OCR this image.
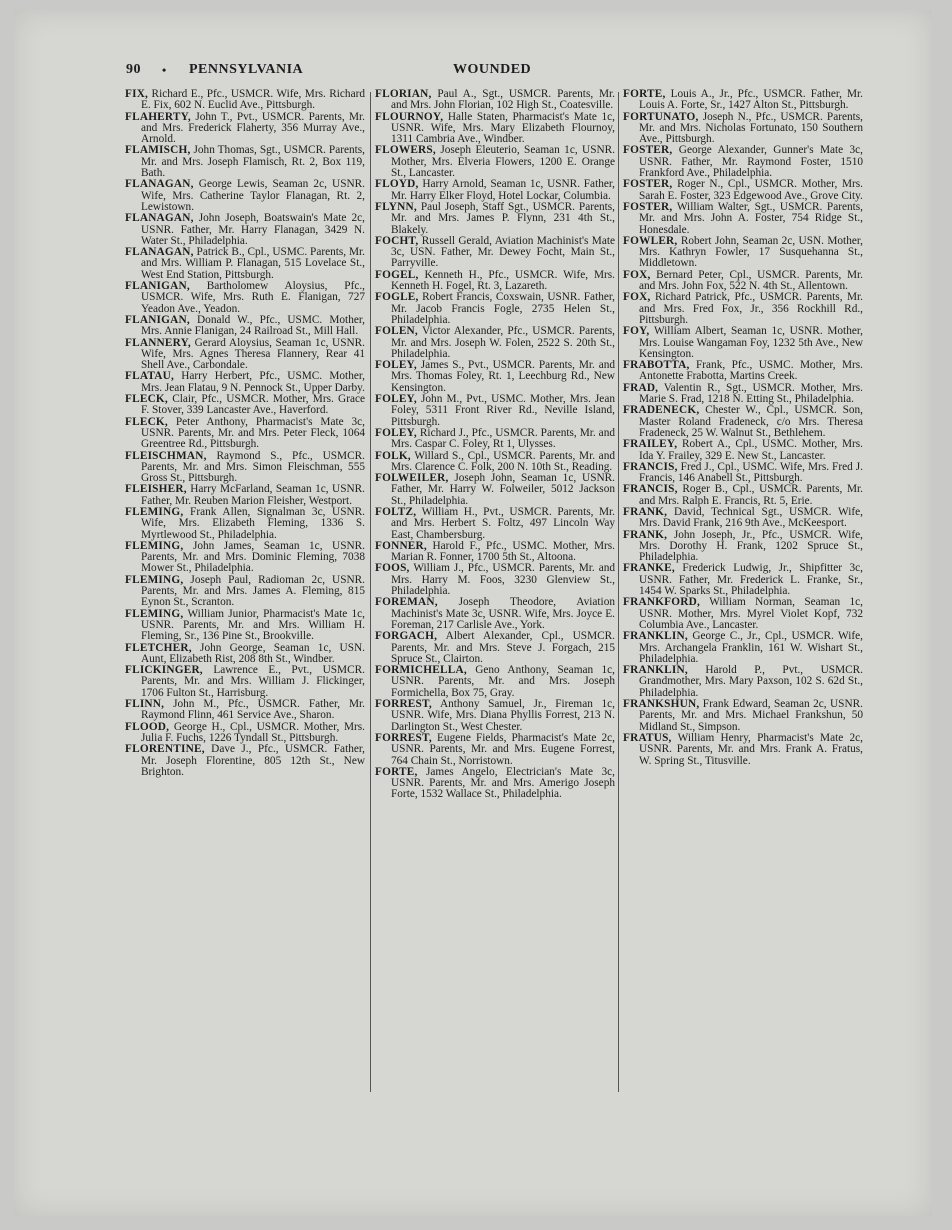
90 • PENNSYLVANIA	WOUNDED

FIX, Richard E., Pfc., USMCR. Wife, Mrs. Richard E. Fix, 602 N. Euclid Ave., Pittsburgh.

FLAHERTY, John T., Pvt., USMCR. Parents, Mr. and Mrs. Frederick Flaherty, 356 Murray Ave., Arnold.

FLAMISCH, John Thomas, Sgt., USMCR. Parents, Mr. and Mrs. Joseph Flamisch, Rt. 2, Box 119, Bath.

FLANAGAN, George Lewis, Seaman 2c, USNR. Wife, Mrs. Catherine Taylor Flanagan, Rt. 2, Lewistown.

FLANAGAN, John Joseph, Boatswain's Mate 2c, USNR. Father, Mr. Harry Flanagan, 3429 N. Water St., Philadelphia.

FLANAGAN, Patrick B., Cpl., USMC. Parents, Mr. and Mrs. William P. Flanagan, 515 Lovelace St., West End Station, Pittsburgh.

FLANIGAN, Bartholomew Aloysius, Pfc., USMCR. Wife, Mrs. Ruth E. Flanigan, 727 Yeadon Ave., Yeadon.

FLANIGAN, Donald W., Pfc., USMC. Mother, Mrs. Annie Flanigan, 24 Railroad St., Mill Hall.

FLANNERY, Gerard Aloysius, Seaman 1c, USNR. Wife, Mrs. Agnes Theresa Flannery, Rear 41 Shell Ave., Carbondale.

FLATAU, Harry Herbert, Pfc., USMC. Mother, Mrs. Jean Flatau, 9 N. Pennock St., Upper Darby.

FLECK, Clair, Pfc., USMCR. Mother, Mrs. Grace F. Stover, 339 Lancaster Ave., Haverford.

FLECK, Peter Anthony, Pharmacist's Mate 3c, USNR. Parents, Mr. and Mrs. Peter Fleck, 1064 Greentree Rd., Pittsburgh.

FLEISCHMAN, Raymond S., Pfc., USMCR. Parents, Mr. and Mrs. Simon Fleischman, 555 Gross St., Pittsburgh.

FLEISHER, Harry McFarland, Seaman 1c, USNR. Father, Mr. Reuben Marion Fleisher, Westport.

FLEMING, Frank Allen, Signalman 3c, USNR. Wife, Mrs. Elizabeth Fleming, 1336 S. Myrtlewood St., Philadelphia.

FLEMING, John James, Seaman 1c, USNR. Parents, Mr. and Mrs. Dominic Fleming, 7038 Mower St., Philadelphia.

FLEMING, Joseph Paul, Radioman 2c, USNR. Parents, Mr. and Mrs. James A. Fleming, 815 Eynon St., Scranton.

FLEMING, William Junior, Pharmacist's Mate 1c, USNR. Parents, Mr. and Mrs. William H. Fleming, Sr., 136 Pine St., Brookville.

FLETCHER, John George, Seaman 1c, USN. Aunt, Elizabeth Rist, 208 8th St., Windber.

FLICKINGER, Lawrence E., Pvt., USMCR. Parents, Mr. and Mrs. William J. Flickinger, 1706 Fulton St., Harrisburg.

FLINN, John M., Pfc., USMCR. Father, Mr. Raymond Flinn, 461 Service Ave., Sharon.

FLOOD, George H., Cpl., USMCR. Mother, Mrs. Julia F. Fuchs, 1226 Tyndall St., Pittsburgh.

FLORENTINE, Dave J., Pfc., USMCR. Father, Mr. Joseph Florentine, 805 12th St., New Brighton.

FLORIAN, Paul A., Sgt., USMCR. Parents, Mr. and Mrs. John Florian, 102 High St., Coatesville.

FLOURNOY, Halle Staten, Pharmacist's Mate 1c, USNR. Wife, Mrs. Mary Elizabeth Flournoy, 1311 Cambria Ave., Windber.

FLOWERS, Joseph Eleuterio, Seaman 1c, USNR. Mother, Mrs. Elveria Flowers, 1200 E. Orange St., Lancaster.

FLOYD, Harry Arnold, Seaman 1c, USNR. Father, Mr. Harry Elker Floyd, Hotel Lockar, Columbia.

FLYNN, Paul Joseph, Staff Sgt., USMCR. Parents, Mr. and Mrs. James P. Flynn, 231 4th St., Blakely.

FOCHT, Russell Gerald, Aviation Machinist's Mate 3c, USN. Father, Mr. Dewey Focht, Main St., Parryville.

FOGEL, Kenneth H., Pfc., USMCR. Wife, Mrs. Kenneth H. Fogel, Rt. 3, Lazareth.

FOGLE, Robert Francis, Coxswain, USNR. Father, Mr. Jacob Francis Fogle, 2735 Helen St., Philadelphia.

FOLEN, Victor Alexander, Pfc., USMCR. Parents, Mr. and Mrs. Joseph W. Folen, 2522 S. 20th St., Philadelphia.

FOLEY, James S., Pvt., USMCR. Parents, Mr. and Mrs. Thomas Foley, Rt. 1, Leechburg Rd., New Kensington.

FOLEY, John M., Pvt., USMC. Mother, Mrs. Jean Foley, 5311 Front River Rd., Neville Island, Pittsburgh.

FOLEY, Richard J., Pfc., USMCR. Parents, Mr. and Mrs. Caspar C. Foley, Rt 1, Ulysses.

FOLK, Willard S., Cpl., USMCR. Parents, Mr. and Mrs. Clarence C. Folk, 200 N. 10th St., Reading.

FOLWEILER, Joseph John, Seaman 1c, USNR. Father, Mr. Harry W. Folweiler, 5012 Jackson St., Philadelphia.

FOLTZ, William H., Pvt., USMCR. Parents, Mr. and Mrs. Herbert S. Foltz, 497 Lincoln Way East, Chambersburg.

FONNER, Harold F., Pfc., USMC. Mother, Mrs. Marian R. Fonner, 1700 5th St., Altoona.

FOOS, William J., Pfc., USMCR. Parents, Mr. and Mrs. Harry M. Foos, 3230 Glenview St., Philadelphia.

FOREMAN, Joseph Theodore, Aviation Machinist's Mate 3c, USNR. Wife, Mrs. Joyce E. Foreman, 217 Carlisle Ave., York.

FORGACH, Albert Alexander, Cpl., USMCR. Parents, Mr. and Mrs. Steve J. Forgach, 215 Spruce St., Clairton.

FORMICHELLA, Geno Anthony, Seaman 1c, USNR. Parents, Mr. and Mrs. Joseph Formichella, Box 75, Gray.

FORREST, Anthony Samuel, Jr., Fireman 1c, USNR. Wife, Mrs. Diana Phyllis Forrest, 213 N. Darlington St., West Chester.

FORREST, Eugene Fields, Pharmacist's Mate 2c, USNR. Parents, Mr. and Mrs. Eugene Forrest, 764 Chain St., Norristown.

FORTE, James Angelo, Electrician's Mate 3c, USNR. Parents, Mr. and Mrs. Amerigo Joseph Forte, 1532 Wallace St., Philadelphia.

FORTE, Louis A., Jr., Pfc., USMCR. Father, Mr. Louis A. Forte, Sr., 1427 Alton St., Pittsburgh.

FORTUNATO, Joseph N., Pfc., USMCR. Parents, Mr. and Mrs. Nicholas Fortunato, 150 Southern Ave., Pittsburgh.

FOSTER, George Alexander, Gunner's Mate 3c, USNR. Father, Mr. Raymond Foster, 1510 Frankford Ave., Philadelphia.

FOSTER, Roger N., Cpl., USMCR. Mother, Mrs. Sarah E. Foster, 323 Edgewood Ave., Grove City.

FOSTER, William Walter, Sgt., USMCR. Parents, Mr. and Mrs. John A. Foster, 754 Ridge St., Honesdale.

FOWLER, Robert John, Seaman 2c, USN. Mother, Mrs. Kathryn Fowler, 17 Susquehanna St., Middletown.

FOX, Bernard Peter, Cpl., USMCR. Parents, Mr. and Mrs. John Fox, 522 N. 4th St., Allentown.

FOX, Richard Patrick, Pfc., USMCR. Parents, Mr. and Mrs. Fred Fox, Jr., 356 Rockhill Rd., Pittsburgh.

FOY, William Albert, Seaman 1c, USNR. Mother, Mrs. Louise Wangaman Foy, 1232 5th Ave., New Kensington.

FRABOTTA, Frank, Pfc., USMC. Mother, Mrs. Antonette Frabotta, Martins Creek.

FRAD, Valentin R., Sgt., USMCR. Mother, Mrs. Marie S. Frad, 1218 N. Etting St., Philadelphia.

FRADENECK, Chester W., Cpl., USMCR. Son, Master Roland Fradeneck, c/o Mrs. Theresa Fradeneck, 25 W. Walnut St., Bethlehem.

FRAILEY, Robert A., Cpl., USMC. Mother, Mrs. Ida Y. Frailey, 329 E. New St., Lancaster.

FRANCIS, Fred J., Cpl., USMC. Wife, Mrs. Fred J. Francis, 146 Anabell St., Pittsburgh.

FRANCIS, Roger B., Cpl., USMCR. Parents, Mr. and Mrs. Ralph E. Francis, Rt. 5, Erie.

FRANK, David, Technical Sgt., USMCR. Wife, Mrs. David Frank, 216 9th Ave., McKeesport.

FRANK, John Joseph, Jr., Pfc., USMCR. Wife, Mrs. Dorothy H. Frank, 1202 Spruce St., Philadelphia.

FRANKE, Frederick Ludwig, Jr., Shipfitter 3c, USNR. Father, Mr. Frederick L. Franke, Sr., 1454 W. Sparks St., Philadelphia.

FRANKFORD, William Norman, Seaman 1c, USNR. Mother, Mrs. Myrel Violet Kopf, 732 Columbia Ave., Lancaster.

FRANKLIN, George C., Jr., Cpl., USMCR. Wife, Mrs. Archangela Franklin, 161 W. Wishart St., Philadelphia.

FRANKLIN, Harold P., Pvt., USMCR. Grandmother, Mrs. Mary Paxson, 102 S. 62d St., Philadelphia.

FRANKSHUN, Frank Edward, Seaman 2c, USNR. Parents, Mr. and Mrs. Michael Frankshun, 50 Midland St., Simpson.

FRATUS, William Henry, Pharmacist's Mate 2c, USNR. Parents, Mr. and Mrs. Frank A. Fratus, W. Spring St., Titusville.
